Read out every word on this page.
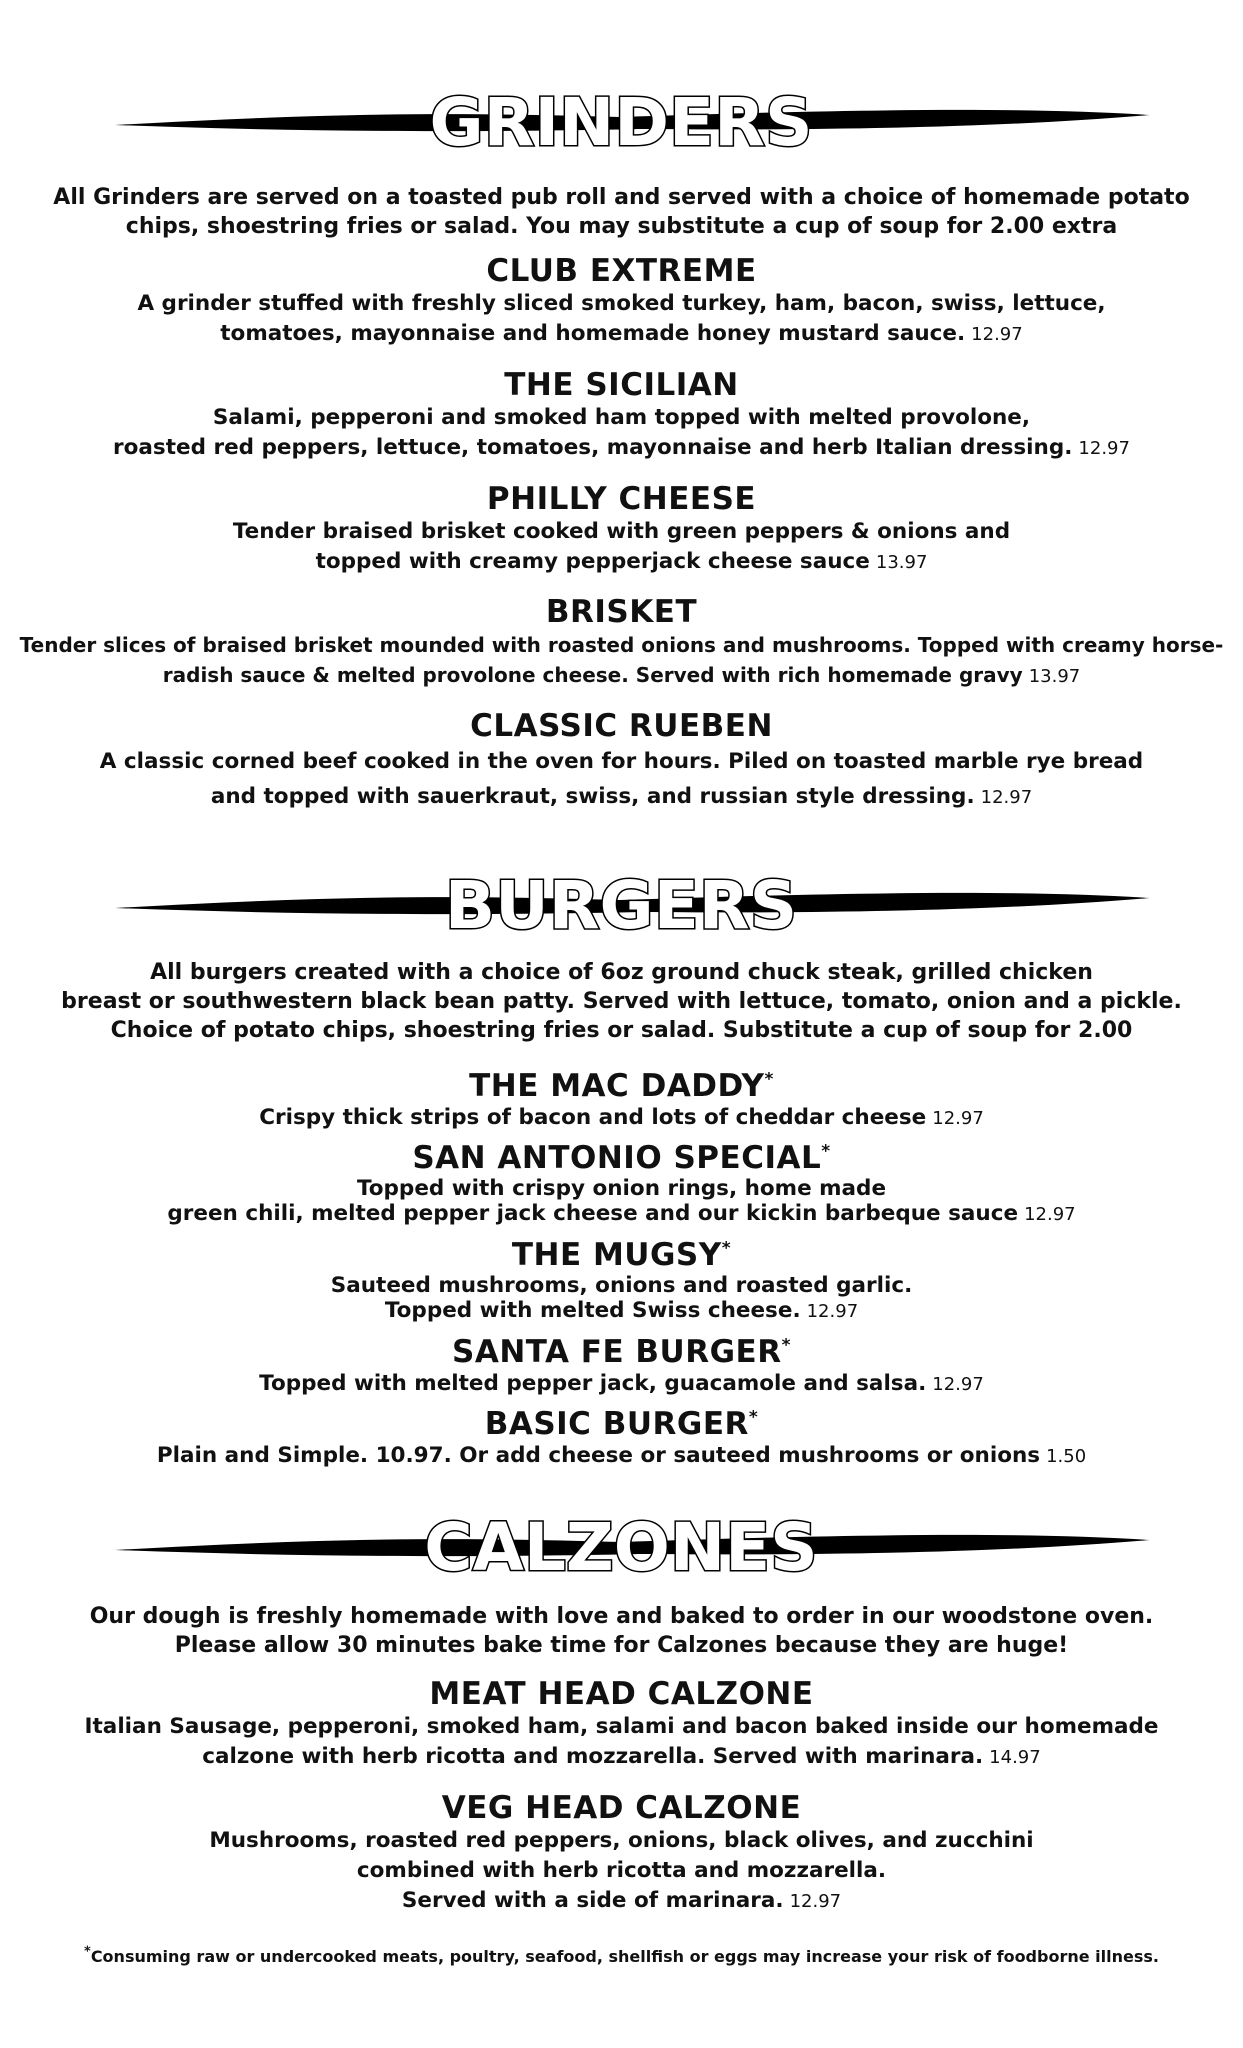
GRINDERS
All Grinders are served on a toasted pub roll and served with a choice of homemade potato
chips, shoestring fries or salad. You may substitute a cup of soup for 2.00 extra
CLUB EXTREME
A grinder stuffed with freshly sliced smoked turkey, ham, bacon, swiss, lettuce,
tomatoes, mayonnaise and homemade honey mustard sauce. 12.97
THE SICILIAN
Salami, pepperoni and smoked ham topped with melted provolone,
roasted red peppers, lettuce, tomatoes, mayonnaise and herb Italian dressing. 12.97
PHILLY CHEESE
Tender braised brisket cooked with green peppers & onions and
topped with creamy pepperjack cheese sauce 13.97
BRISKET
Tender slices of braised brisket mounded with roasted onions and mushrooms. Topped with creamy horse-
radish sauce & melted provolone cheese. Served with rich homemade gravy 13.97
CLASSIC RUEBEN
A classic corned beef cooked in the oven for hours. Piled on toasted marble rye bread
and topped with sauerkraut, swiss, and russian style dressing. 12.97
BURGERS
All burgers created with a choice of 6oz ground chuck steak, grilled chicken
breast or southwestern black bean patty. Served with lettuce, tomato, onion and a pickle.
Choice of potato chips, shoestring fries or salad. Substitute a cup of soup for 2.00
THE MAC DADDY*
Crispy thick strips of bacon and lots of cheddar cheese 12.97
SAN ANTONIO SPECIAL*
Topped with crispy onion rings, home made
green chili, melted pepper jack cheese and our kickin barbeque sauce 12.97
THE MUGSY*
Sauteed mushrooms, onions and roasted garlic.
Topped with melted Swiss cheese. 12.97
SANTA FE BURGER*
Topped with melted pepper jack, guacamole and salsa. 12.97
BASIC BURGER*
Plain and Simple. 10.97. Or add cheese or sauteed mushrooms or onions 1.50
CALZONES
Our dough is freshly homemade with love and baked to order in our woodstone oven.
Please allow 30 minutes bake time for Calzones because they are huge!
MEAT HEAD CALZONE
Italian Sausage, pepperoni, smoked ham, salami and bacon baked inside our homemade
calzone with herb ricotta and mozzarella. Served with marinara. 14.97
VEG HEAD CALZONE
Mushrooms, roasted red peppers, onions, black olives, and zucchini
combined with herb ricotta and mozzarella.
Served with a side of marinara. 12.97
*Consuming raw or undercooked meats, poultry, seafood, shellfish or eggs may increase your risk of foodborne illness.
